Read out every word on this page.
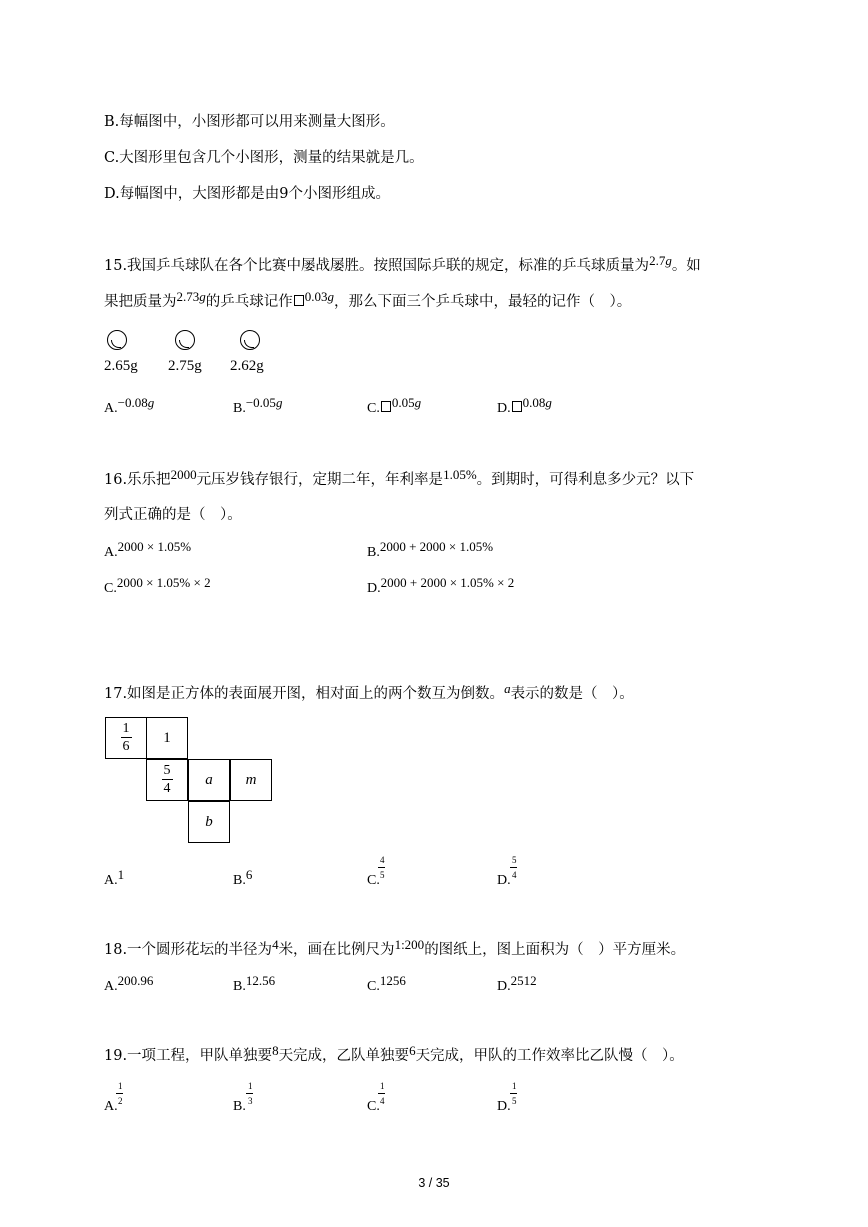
B.每幅图中，小图形都可以用来测量大图形。
C.大图形里包含几个小图形，测量的结果就是几。
D.每幅图中，大图形都是由9个小图形组成。
15.我国乒乓球队在各个比赛中屡战屡胜。按照国际乒联的规定，标准的乒乓球质量为2.7g。如
果把质量为2.73g的乒乓球记作 0.03g，那么下面三个乒乓球中，最轻的记作（　）。
2.65g 2.75g 2.62g
A.−0.08g	B.−0.05g	C. 0.05g	D. 0.08g
16.乐乐把2000元压岁钱存银行，定期二年，年利率是1.05%。到期时，可得利息多少元？以下
列式正确的是（　）。
A.2000 × 1.05%	B.2000 + 2000 × 1.05%
C.2000 × 1.05% × 2	D.2000 + 2000 × 1.05% × 2
17.如图是正方体的表面展开图，相对面上的两个数互为倒数。a表示的数是（　）。
$\frac{1}{6}$	1
$\frac{5}{4}$	a	m
b
A.1	B.6	C.
4
5	D.
5
4
18.一个圆形花坛的半径为4米，画在比例尺为1:200的图纸上，图上面积为（　）平方厘米。
A.200.96	B.12.56	C.1256	D.2512
19.一项工程，甲队单独要8天完成，乙队单独要6天完成，甲队的工作效率比乙队慢（　）。
A.
1
2	B.
1
3	C.
1
4	D.
1
5
3 / 35
